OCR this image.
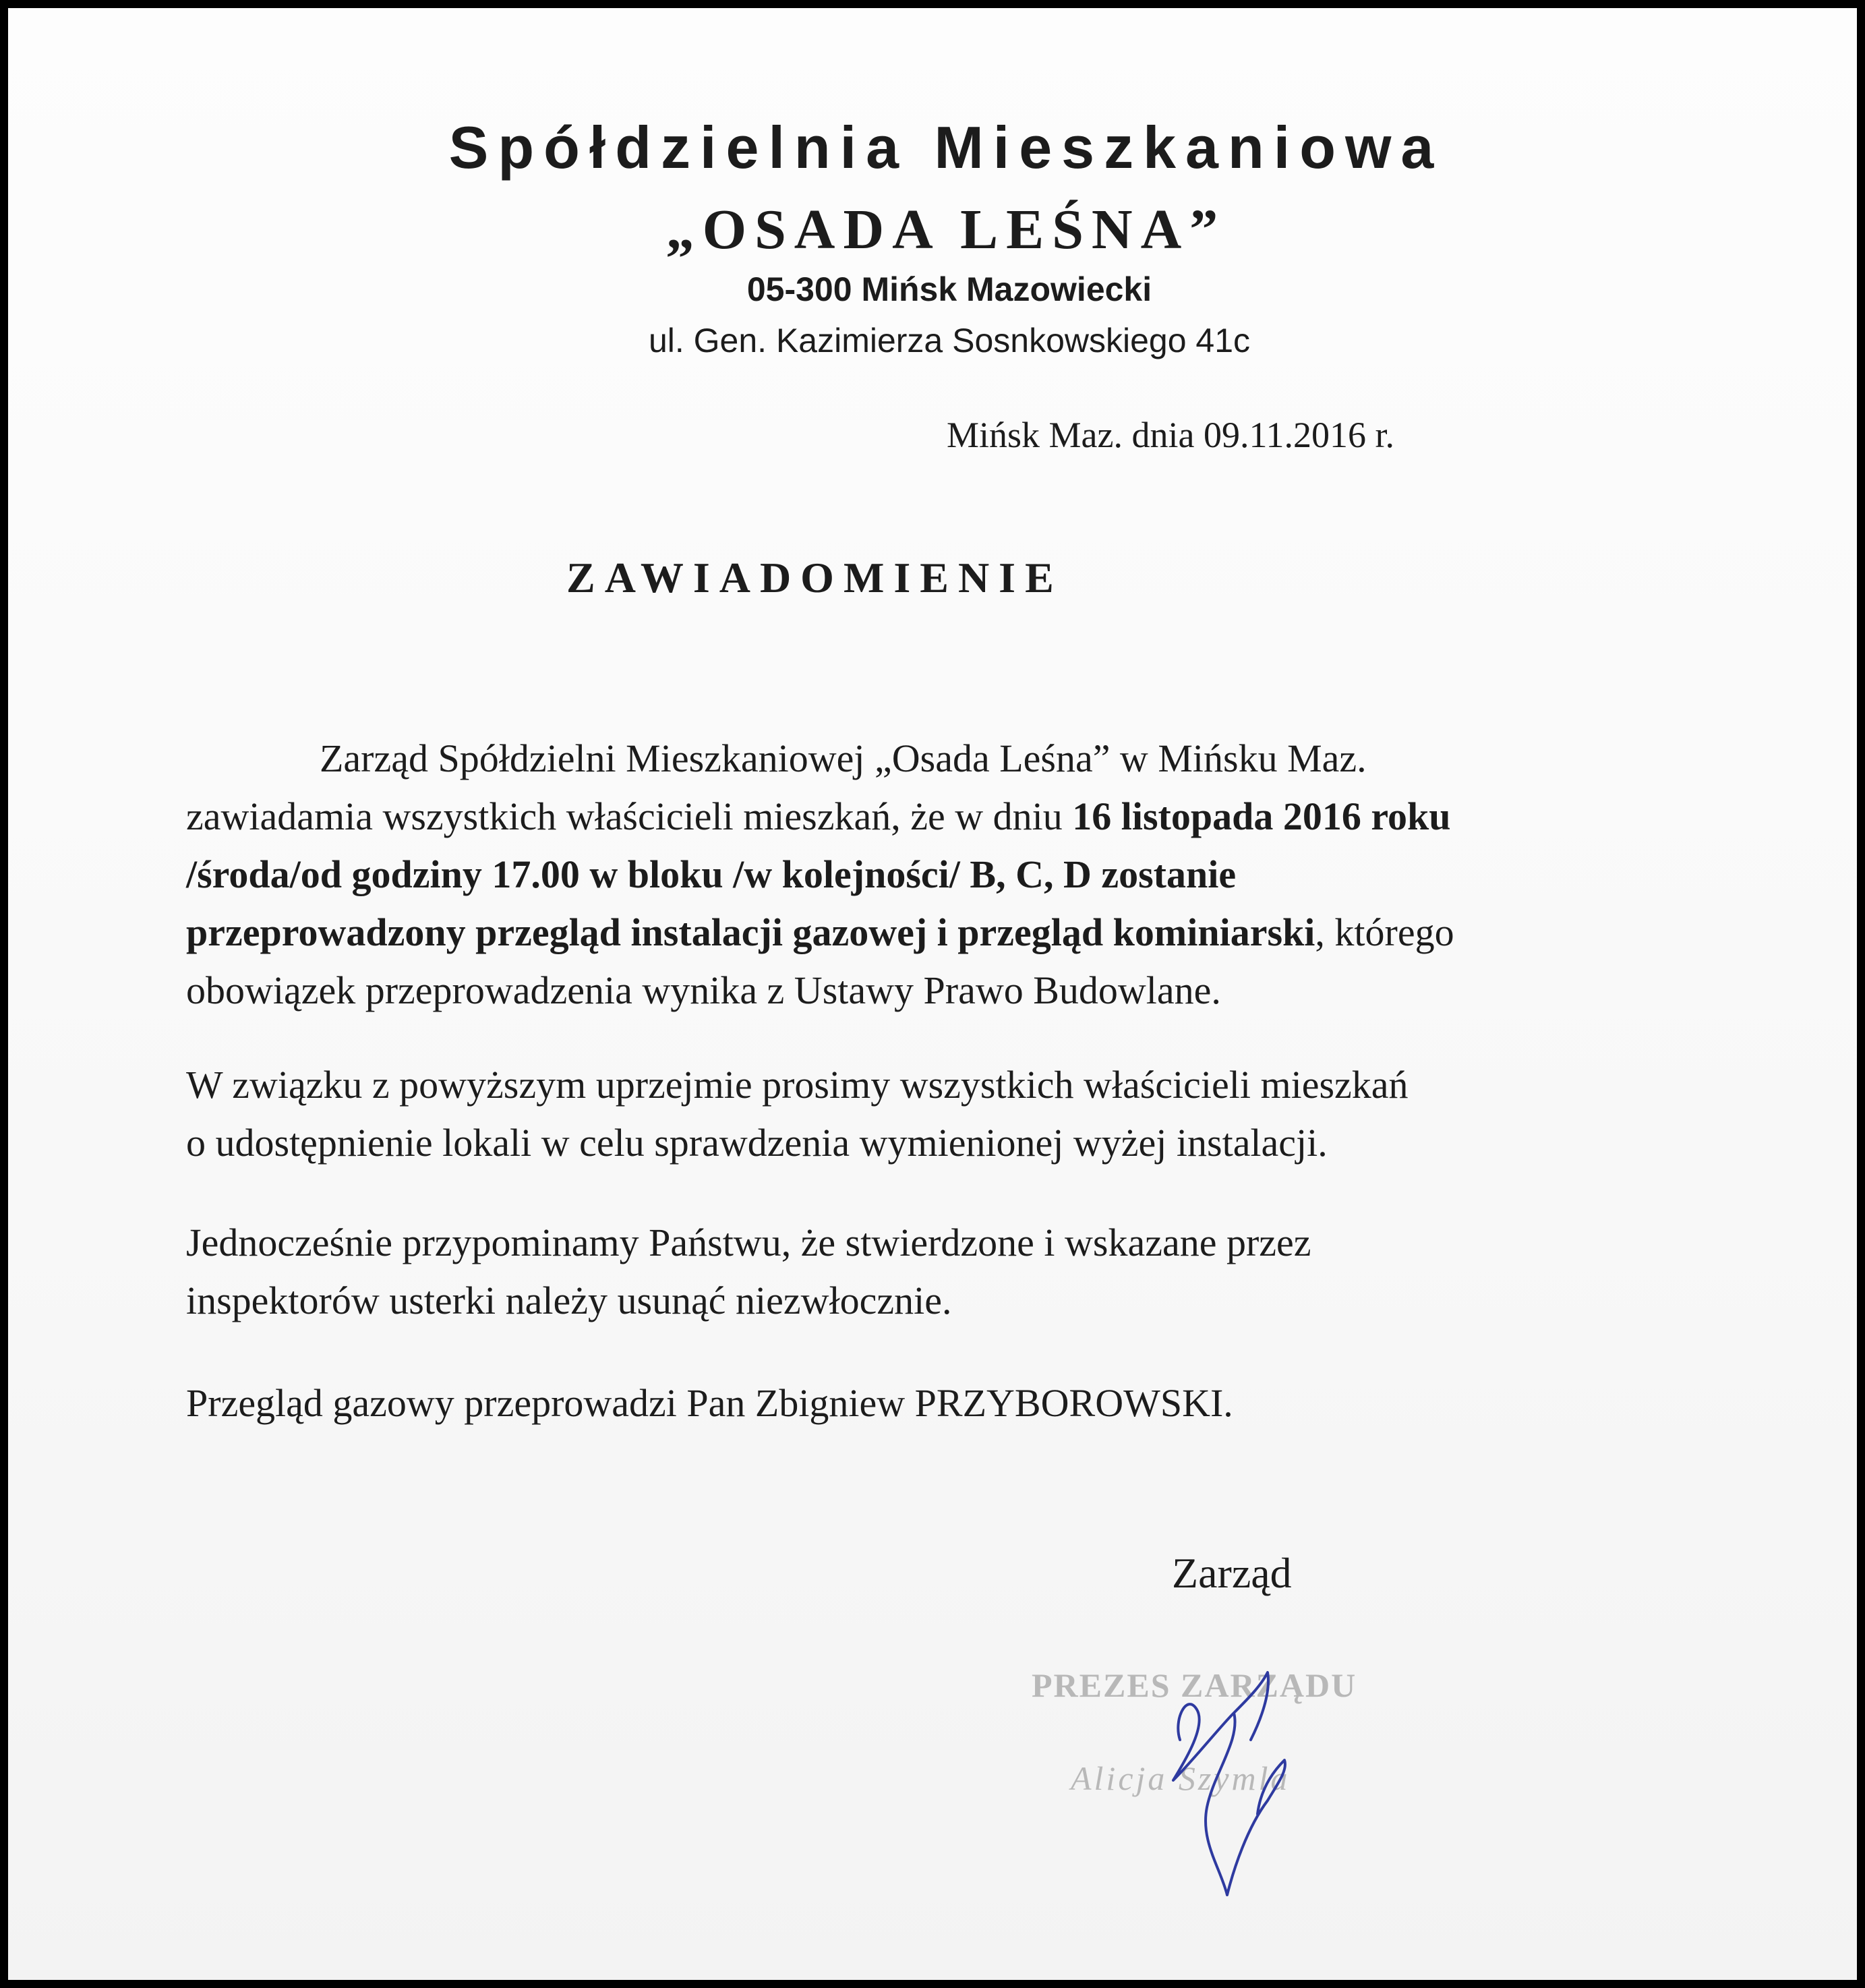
Spółdzielnia Mieszkaniowa
„OSADA LEŚNA”
05-300 Mińsk Mazowiecki
ul. Gen. Kazimierza Sosnkowskiego 41c
Mińsk Maz. dnia 09.11.2016 r.
ZAWIADOMIENIE
Zarząd Spółdzielni Mieszkaniowej „Osada Leśna” w Mińsku Maz.
zawiadamia wszystkich właścicieli mieszkań, że w dniu 16 listopada 2016 roku
/środa/od godziny 17.00 w bloku /w kolejności/ B, C, D zostanie
przeprowadzony przegląd instalacji gazowej i przegląd kominiarski, którego
obowiązek przeprowadzenia wynika z Ustawy Prawo Budowlane.
W związku z powyższym uprzejmie prosimy wszystkich właścicieli mieszkań
o udostępnienie lokali w celu sprawdzenia wymienionej wyżej instalacji.
Jednocześnie przypominamy Państwu, że stwierdzone i wskazane przez
inspektorów usterki należy usunąć niezwłocznie.
Przegląd gazowy przeprowadzi Pan Zbigniew PRZYBOROWSKI.
Zarząd
PREZES ZARZĄDU
Alicja Szymla
